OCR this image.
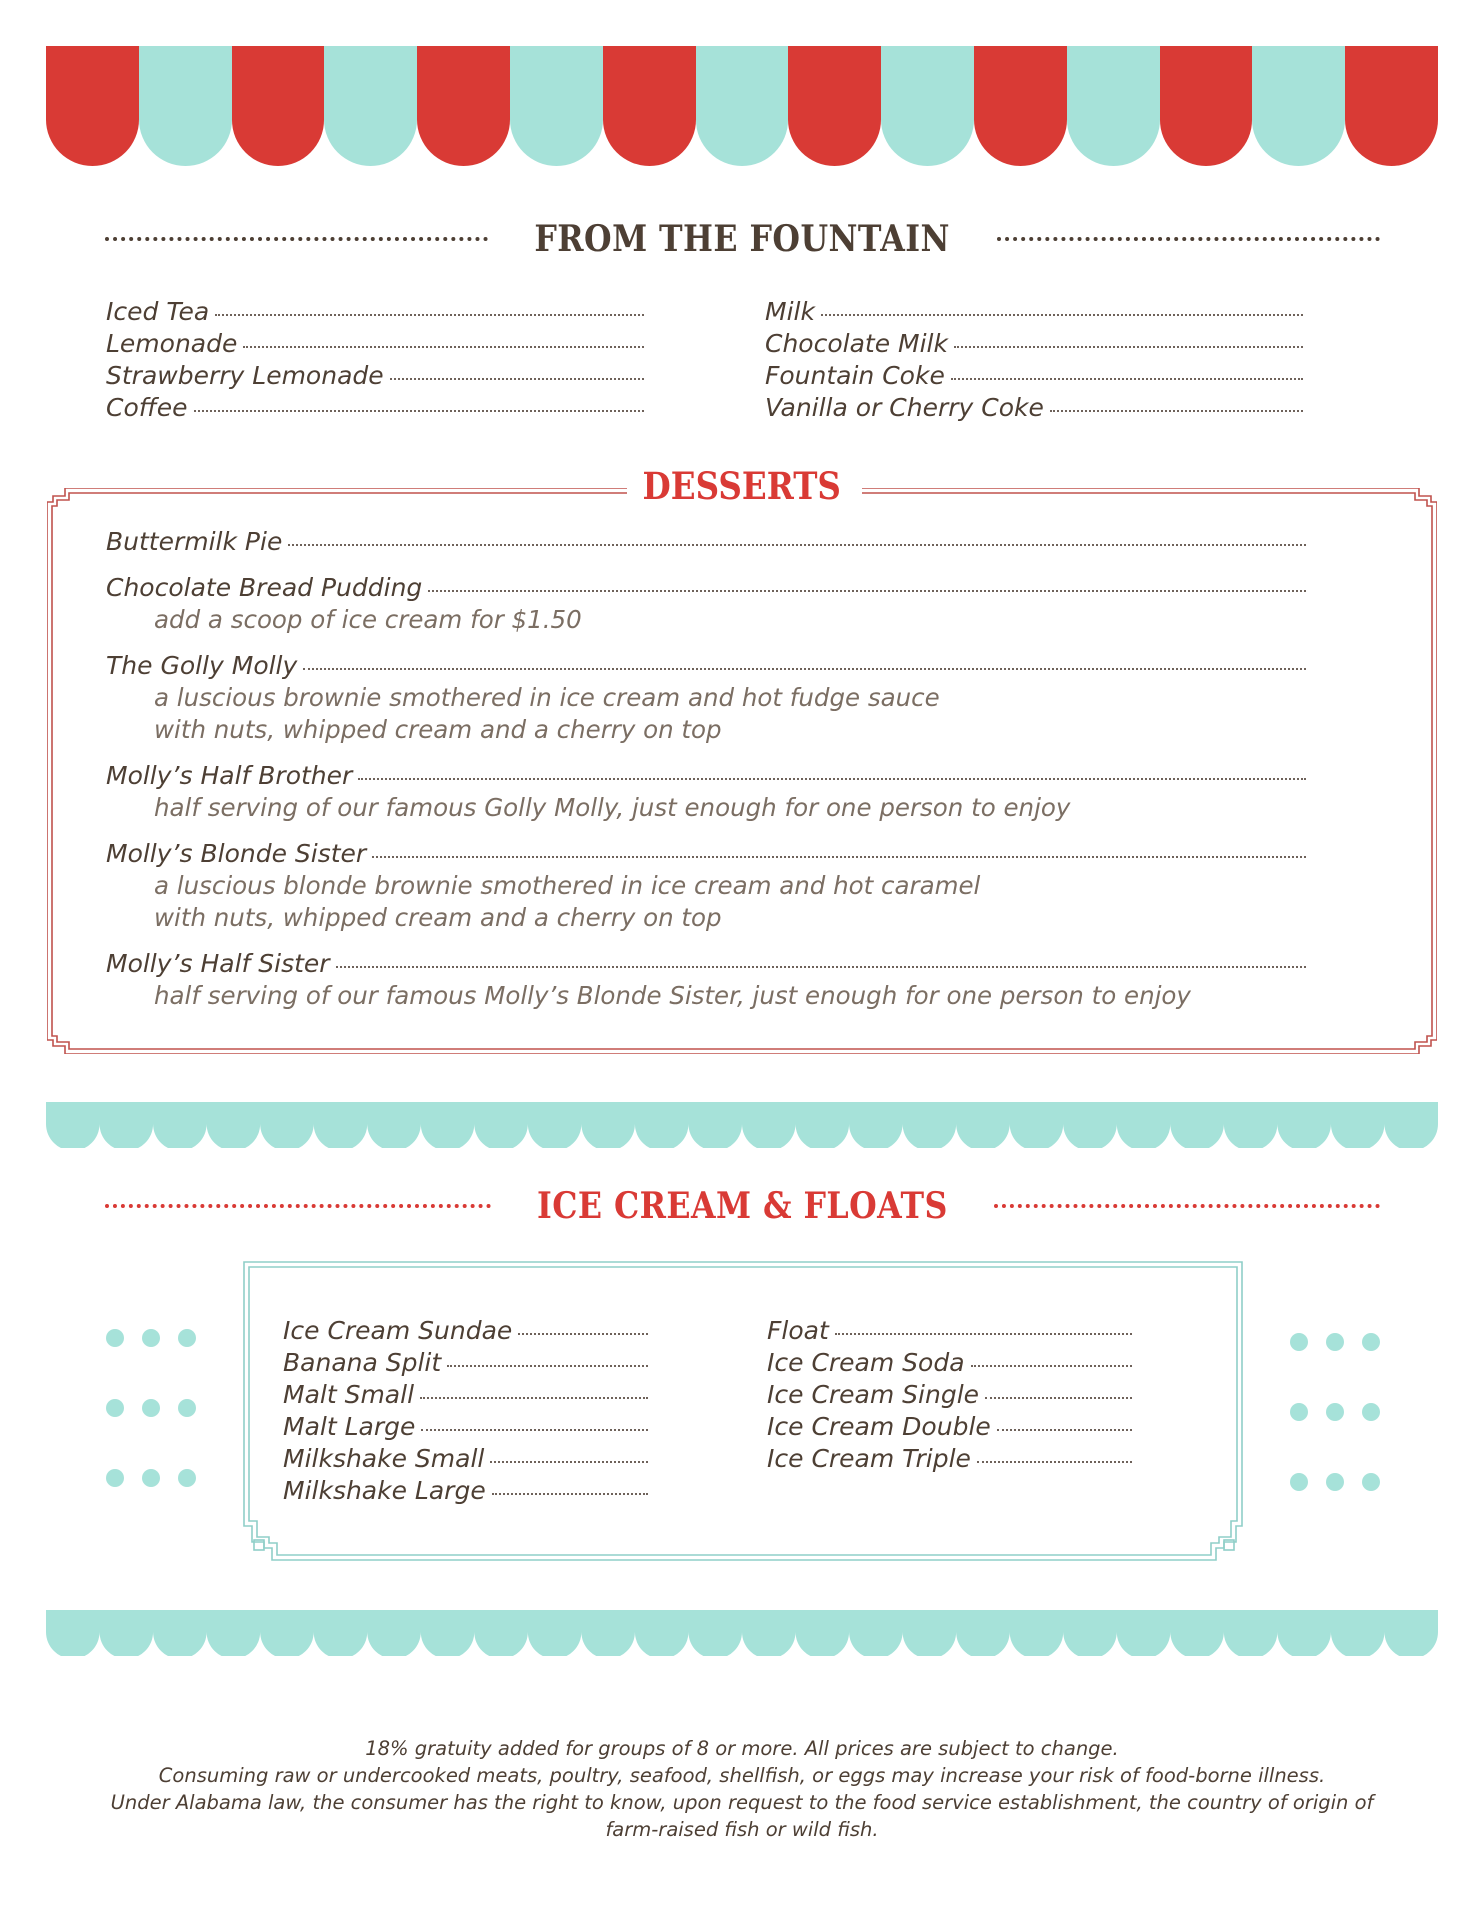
FROM THE FOUNTAIN
Iced Tea
Lemonade
Strawberry Lemonade
Coffee
Milk
Chocolate Milk
Fountain Coke
Vanilla or Cherry Coke
DESSERTS
Buttermilk Pie
Chocolate Bread Pudding
add a scoop of ice cream for $1.50
The Golly Molly
a luscious brownie smothered in ice cream and hot fudge sauce
with nuts, whipped cream and a cherry on top
Molly’s Half Brother
half serving of our famous Golly Molly, just enough for one person to enjoy
Molly’s Blonde Sister
a luscious blonde brownie smothered in ice cream and hot caramel
with nuts, whipped cream and a cherry on top
Molly’s Half Sister
half serving of our famous Molly’s Blonde Sister, just enough for one person to enjoy
ICE CREAM & FLOATS
Ice Cream Sundae
Banana Split
Malt Small
Malt Large
Milkshake Small
Milkshake Large
Float
Ice Cream Soda
Ice Cream Single
Ice Cream Double
Ice Cream Triple
18% gratuity added for groups of 8 or more. All prices are subject to change.
Consuming raw or undercooked meats, poultry, seafood, shellfish, or eggs may increase your risk of food-borne illness.
Under Alabama law, the consumer has the right to know, upon request to the food service establishment, the country of origin of farm-raised fish or wild fish.
